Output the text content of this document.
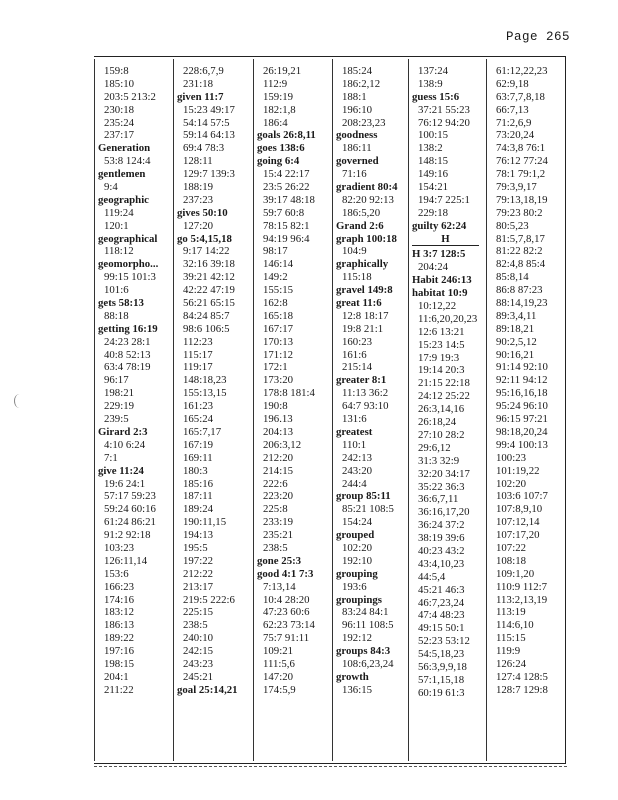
Page 265
159:8
185:10
203:5 213:2
230:18
235:24
237:17
Generation
53:8 124:4
gentlemen
9:4
geographic
119:24
120:1
geographical
118:12
geomorpho...
99:15 101:3
101:6
gets 58:13
88:18
getting 16:19
24:23 28:1
40:8 52:13
63:4 78:19
96:17
198:21
229:19
239:5
Girard 2:3
4:10 6:24
7:1
give 11:24
19:6 24:1
57:17 59:23
59:24 60:16
61:24 86:21
91:2 92:18
103:23
126:11,14
153:6
166:23
174:16
183:12
186:13
189:22
197:16
198:15
204:1
211:22
228:6,7,9
231:18
given 11:7
15:23 49:17
54:14 57:5
59:14 64:13
69:4 78:3
128:11
129:7 139:3
188:19
237:23
gives 50:10
127:20
go 5:4,15,18
9:17 14:22
32:16 39:18
39:21 42:12
42:22 47:19
56:21 65:15
84:24 85:7
98:6 106:5
112:23
115:17
119:17
148:18,23
155:13,15
161:23
165:24
165:7,17
167:19
169:11
180:3
185:16
187:11
189:24
190:11,15
194:13
195:5
197:22
212:22
213:17
219:5 222:6
225:15
238:5
240:10
242:15
243:23
245:21
goal 25:14,21
26:19,21
112:9
159:19
182:1,8
186:4
goals 26:8,11
goes 138:6
going 6:4
15:4 22:17
23:5 26:22
39:17 48:18
59:7 60:8
78:15 82:1
94:19 96:4
98:17
146:14
149:2
155:15
162:8
165:18
167:17
170:13
171:12
172:1
173:20
178:8 181:4
190:8
196.13
204:13
206:3,12
212:20
214:15
222:6
223:20
225:8
233:19
235:21
238:5
gone 25:3
good 4:1 7:3
7:13,14
10:4 28:20
47:23 60:6
62:23 73:14
75:7 91:11
109:21
111:5,6
147:20
174:5,9
185:24
186:2,12
188:1
196:10
208:23,23
goodness
186:11
governed
71:16
gradient 80:4
82:20 92:13
186:5,20
Grand 2:6
graph 100:18
104:9
graphically
115:18
gravel 149:8
great 11:6
12:8 18:17
19:8 21:1
160:23
161:6
215:14
greater 8:1
11:13 36:2
64:7 93:10
131:6
greatest
110:1
242:13
243:20
244:4
group 85:11
85:21 108:5
154:24
grouped
102:20
192:10
grouping
193:6
groupings
83:24 84:1
96:11 108:5
192:12
groups 84:3
108:6,23,24
growth
136:15
137:24
138:9
guess 15:6
37:21 55:23
76:12 94:20
100:15
138:2
148:15
149:16
154:21
194:7 225:1
229:18
guilty 62:24
H
H 3:7 128:5
204:24
Habit 246:13
habitat 10:9
10:12,22
11:6,20,20,23
12:6 13:21
15:23 14:5
17:9 19:3
19:14 20:3
21:15 22:18
24:12 25:22
26:3,14,16
26:18,24
27:10 28:2
29:6,12
31:3 32:9
32:20 34:17
35:22 36:3
36:6,7,11
36:16,17,20
36:24 37:2
38:19 39:6
40:23 43:2
43:4,10,23
44:5,4
45:21 46:3
46:7,23,24
47:4 48:23
49:15 50:1
52:23 53:12
54:5,18,23
56:3,9,9,18
57:1,15,18
60:19 61:3
61:12,22,23
62:9,18
63:7,7,8,18
66:7,13
71:2,6,9
73:20,24
74:3,8 76:1
76:12 77:24
78:1 79:1,2
79:3,9,17
79:13,18,19
79:23 80:2
80:5,23
81:5,7,8,17
81:22 82:2
82:4,8 85:4
85:8,14
86:8 87:23
88:14,19,23
89:3,4,11
89:18,21
90:2,5,12
90:16,21
91:14 92:10
92:11 94:12
95:16,16,18
95:24 96:10
96:15 97:21
98:18,20,24
99:4 100:13
100:23
101:19,22
102:20
103:6 107:7
107:8,9,10
107:12,14
107:17,20
107:22
108:18
109:1,20
110:9 112:7
113:2,13,19
113:19
114:6,10
115:15
119:9
126:24
127:4 128:5
128:7 129:8
